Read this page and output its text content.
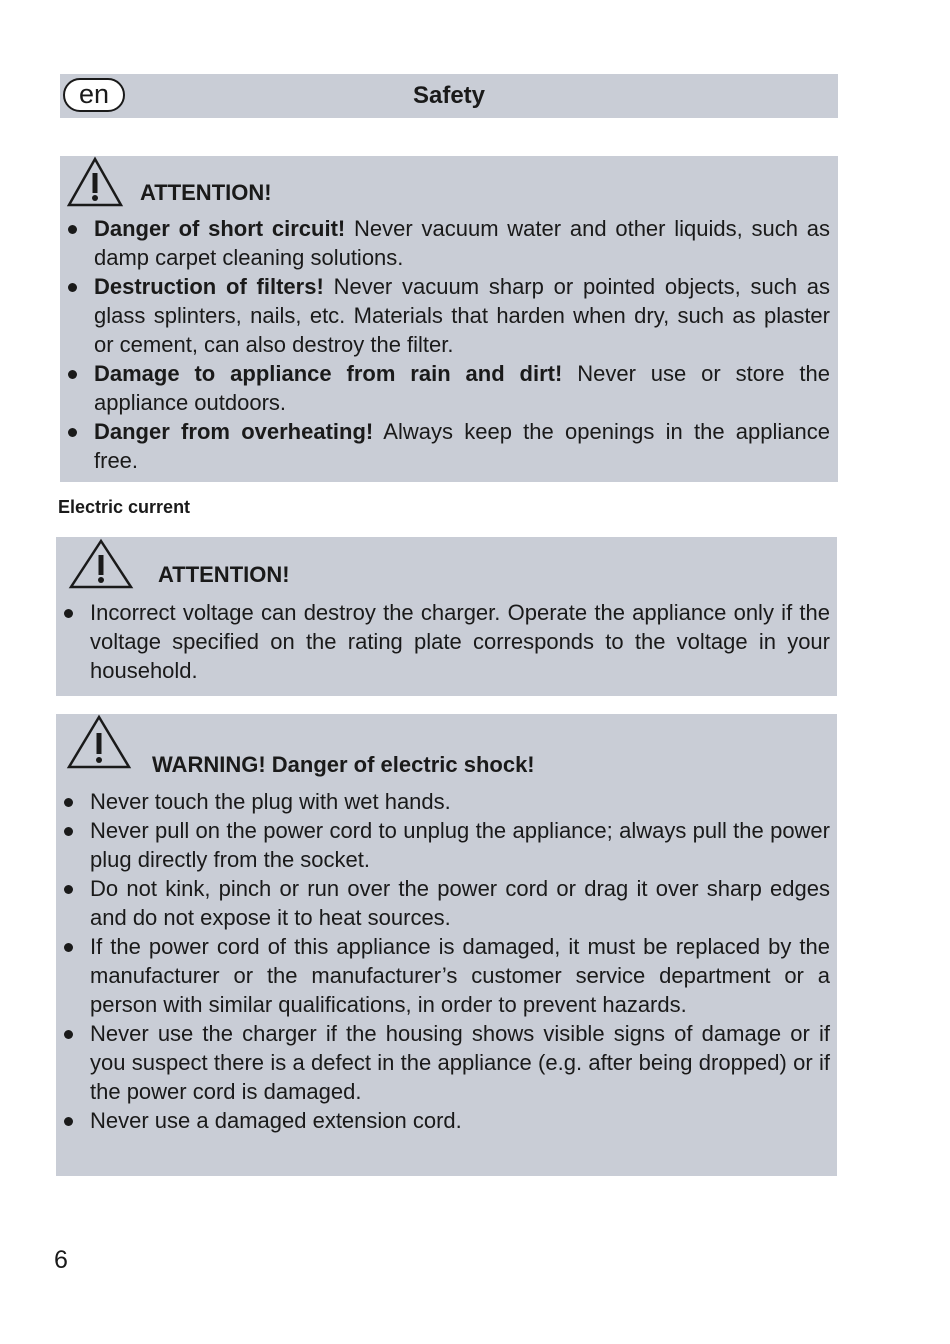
en	Safety
ATTENTION!
Danger of short circuit! Never vacuum water and other liquids, such as damp carpet cleaning solutions.
Destruction of filters! Never vacuum sharp or pointed objects, such as glass splinters, nails, etc. Materials that harden when dry, such as plaster or cement, can also destroy the filter.
Damage to appliance from rain and dirt! Never use or store the appliance outdoors.
Danger from overheating! Always keep the openings in the appliance free.
Electric current
ATTENTION!
Incorrect voltage can destroy the charger. Operate the appliance only if the voltage specified on the rating plate corresponds to the voltage in your household.
WARNING! Danger of electric shock!
Never touch the plug with wet hands.
Never pull on the power cord to unplug the appliance; always pull the power plug directly from the socket.
Do not kink, pinch or run over the power cord or drag it over sharp edges and do not expose it to heat sources.
If the power cord of this appliance is damaged, it must be replaced by the manufacturer or the manufacturer’s customer service department or a person with similar qualifications, in order to prevent hazards.
Never use the charger if the housing shows visible signs of damage or if you suspect there is a defect in the appliance (e.g. after being dropped) or if the power cord is damaged.
Never use a damaged extension cord.
6
